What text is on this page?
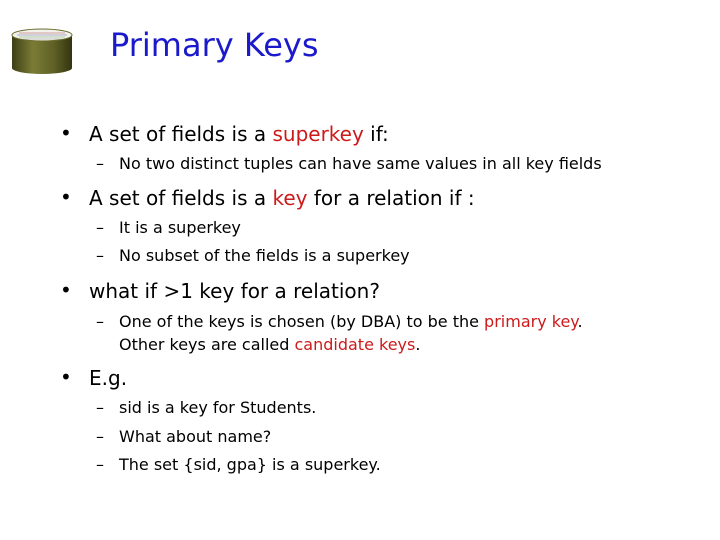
Primary Keys
• A set of fields is a superkey if:
– No two distinct tuples can have same values in all key fields
• A set of fields is a key for a relation if :
– It is a superkey
– No subset of the fields is a superkey
• what if >1 key for a relation?
– One of the keys is chosen (by DBA) to be the primary key.
Other keys are called candidate keys.
• E.g.
– sid is a key for Students.
– What about name?
– The set {sid, gpa} is a superkey.
